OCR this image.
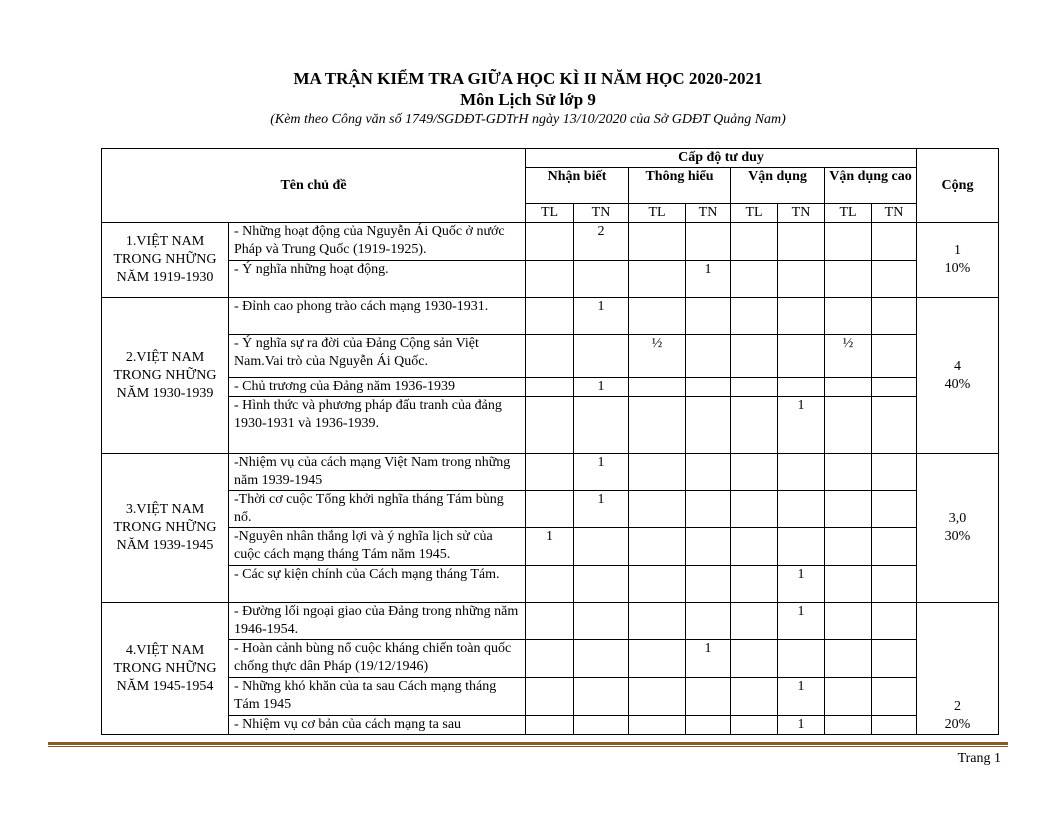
MA TRẬN KIỂM TRA GIỮA HỌC KÌ II NĂM HỌC 2020-2021
Môn Lịch Sử lớp 9
(Kèm theo Công văn số 1749/SGDĐT-GDTrH ngày 13/10/2020 của Sở GDĐT Quảng Nam)
Tên chủ đề		Cấp độ tư duy								Cộng
		Nhận biết		Thông hiểu		Vận dụng		Vận dụng cao		
		TL	TN	TL	TN	TL	TN	TL	TN	
1.VIỆT NAM TRONG NHỮNG NĂM 1919-1930	- Những hoạt động của Nguyễn Ái Quốc ở nước Pháp và Trung Quốc (1919-1925).		2							1
10%

	- Ý nghĩa những hoạt động.				1					
2.VIỆT NAM TRONG NHỮNG NĂM 1930-1939	- Đỉnh cao phong trào cách mạng 1930-1931.		1							4
40%

	- Ý nghĩa sự ra đời của Đảng Cộng sản Việt Nam.Vai trò của Nguyễn Ái Quốc.			½				½		
	- Chủ trương của Đảng năm 1936-1939		1							
	- Hình thức và phương pháp đấu tranh của đảng 1930-1931 và 1936-1939.						1			
3.VIỆT NAM TRONG NHỮNG NĂM 1939-1945	-Nhiệm vụ của cách mạng Việt Nam trong những năm 1939-1945		1							3,0
30%

	-Thời cơ cuộc Tổng khởi nghĩa tháng Tám bùng nổ.		1							
	-Nguyên nhân thắng lợi và ý nghĩa lịch sử của cuộc cách mạng tháng Tám năm 1945.	1								
	- Các sự kiện chính của Cách mạng tháng Tám.						1			
4.VIỆT NAM TRONG NHỮNG NĂM 1945-1954	- Đường lối ngoại giao của Đảng trong những năm 1946-1954.						1			2
20%

	- Hoàn cảnh bùng nổ cuộc kháng chiến toàn quốc chống thực dân Pháp (19/12/1946)				1					
	- Những khó khăn của ta sau Cách mạng tháng Tám 1945						1			
	- Nhiệm vụ cơ bản của cách mạng ta sau						1			
Trang 1
